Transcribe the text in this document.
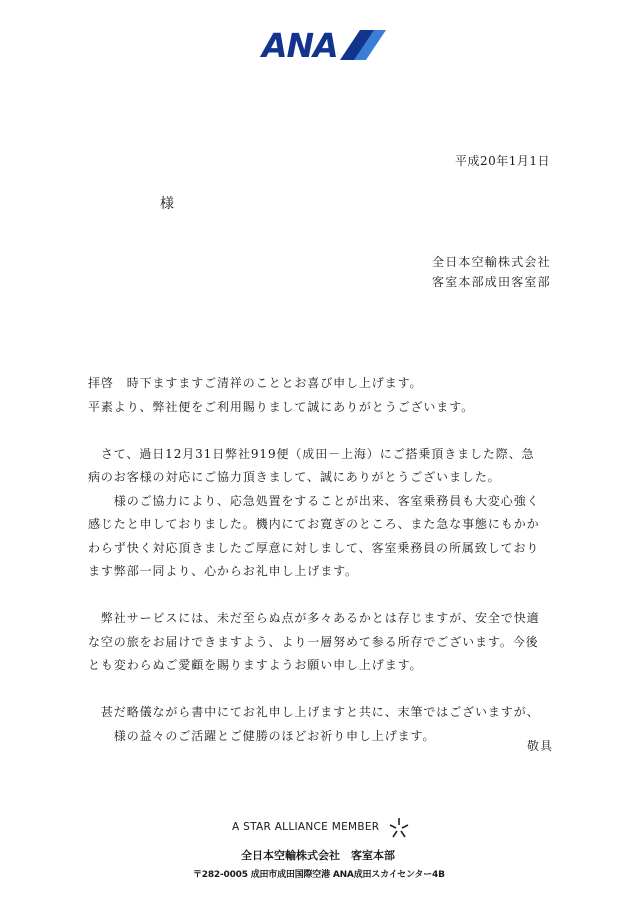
ANA
平成20年1月1日
様
全日本空輸株式会社
客室本部成田客室部

拝啓　時下ますますご清祥のこととお喜び申し上げます。

平素より、弊社便をご利用賜りまして誠にありがとうございます。

　さて、過日12月31日弊社919便（成田－上海）にご搭乗頂きました際、急

病のお客様の対応にご協力頂きまして、誠にありがとうございました。

　　様のご協力により、応急処置をすることが出来、客室乗務員も大変心強く

感じたと申しておりました。機内にてお寛ぎのところ、また急な事態にもかか

わらず快く対応頂きましたご厚意に対しまして、客室乗務員の所属致しており

ます弊部一同より、心からお礼申し上げます。

　弊社サービスには、未だ至らぬ点が多々あるかとは存じますが、安全で快適

な空の旅をお届けできますよう、より一層努めて参る所存でございます。今後

とも変わらぬご愛顧を賜りますようお願い申し上げます。

　甚だ略儀ながら書中にてお礼申し上げますと共に、末筆ではございますが、

　　様の益々のご活躍とご健勝のほどお祈り申し上げます。

敬具
A STAR ALLIANCE MEMBER
全日本空輸株式会社　客室本部
〒282-0005 成田市成田国際空港 ANA成田スカイセンター4B
